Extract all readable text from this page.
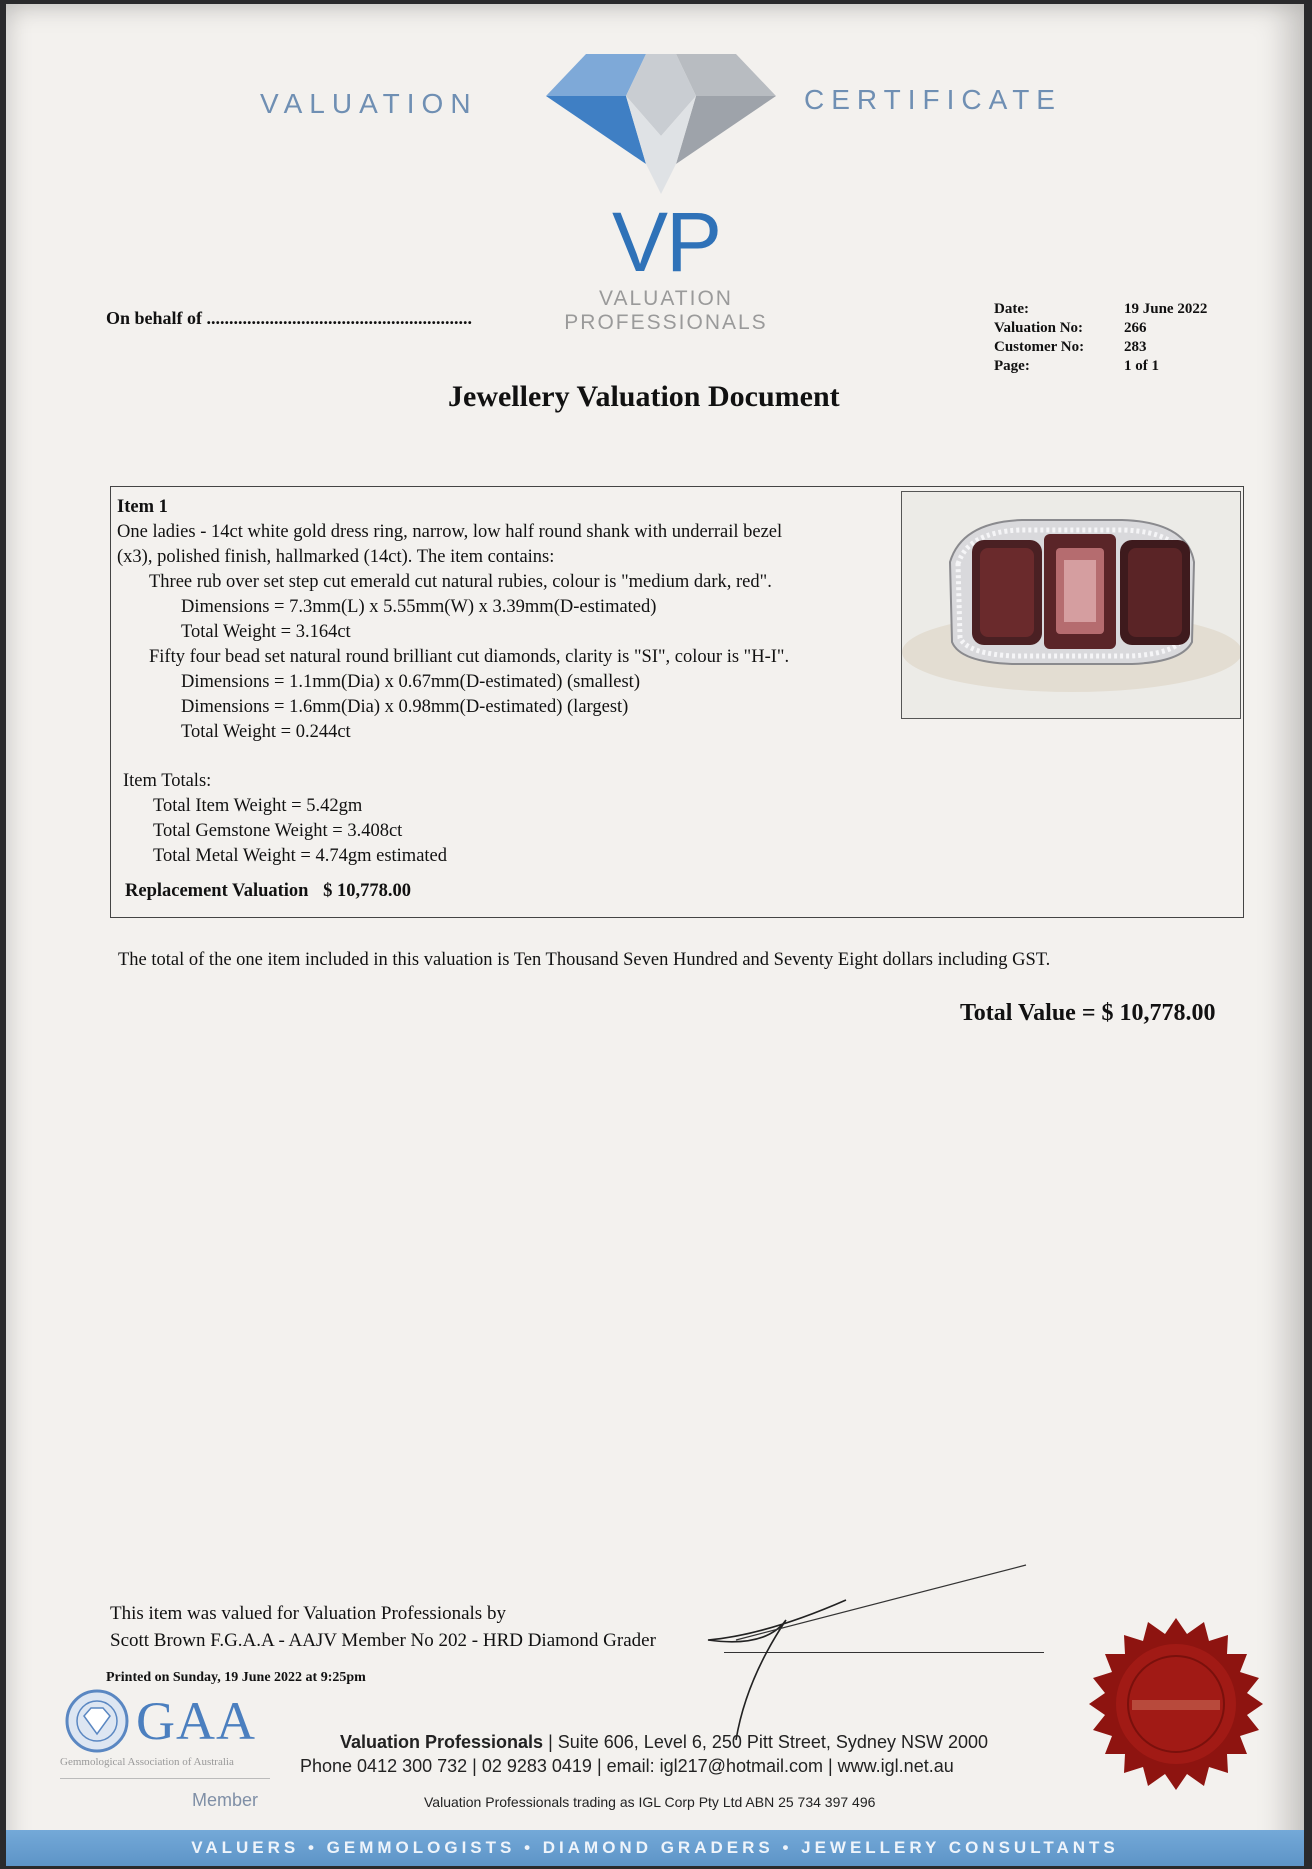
VALUATION	CERTIFICATE
VP
VALUATION
PROFESSIONALS
On behalf of ...........................................................	Date:	19 June 2022
Valuation No:	266
Customer No:	283
Page:	1 of 1
Jewellery Valuation Document
Item 1
One ladies - 14ct white gold dress ring, narrow, low half round shank with underrail bezel
(x3), polished finish, hallmarked (14ct). The item contains:
Three rub over set step cut emerald cut natural rubies, colour is "medium dark, red".
Dimensions = 7.3mm(L) x 5.55mm(W) x 3.39mm(D-estimated)
Total Weight = 3.164ct
Fifty four bead set natural round brilliant cut diamonds, clarity is "SI", colour is "H-I".
Dimensions = 1.1mm(Dia) x 0.67mm(D-estimated) (smallest)
Dimensions = 1.6mm(Dia) x 0.98mm(D-estimated) (largest)
Total Weight = 0.244ct
Item Totals:
Total Item Weight = 5.42gm
Total Gemstone Weight = 3.408ct
Total Metal Weight = 4.74gm estimated
Replacement Valuation $ 10,778.00
The total of the one item included in this valuation is Ten Thousand Seven Hundred and Seventy Eight dollars including GST.
Total Value = $ 10,778.00
This item was valued for Valuation Professionals by
Scott Brown F.G.A.A - AAJV Member No 202 - HRD Diamond Grader
Printed on Sunday, 19 June 2022 at 9:25pm
GAA
Gemmological Association of Australia
Member
Valuation Professionals | Suite 606, Level 6, 250 Pitt Street, Sydney NSW 2000
Phone 0412 300 732 | 02 9283 0419 | email: igl217@hotmail.com | www.igl.net.au
Valuation Professionals trading as IGL Corp Pty Ltd ABN 25 734 397 496
VALUERS • GEMMOLOGISTS • DIAMOND GRADERS • JEWELLERY CONSULTANTS
